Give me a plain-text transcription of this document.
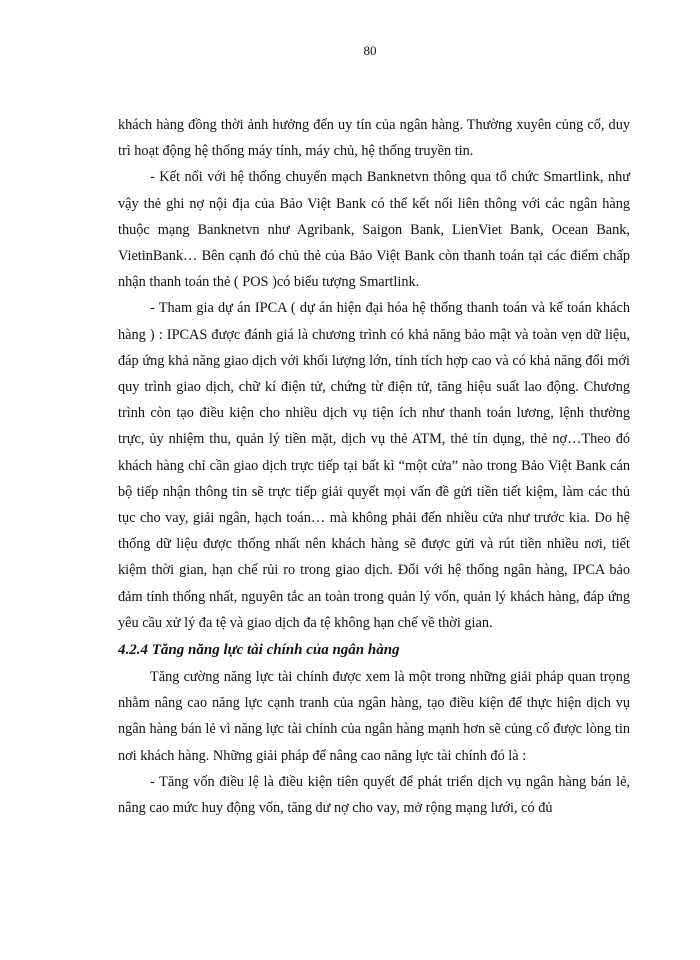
80

khách hàng đồng thời ảnh hưởng đến uy tín của ngân hàng. Thường xuyên củng cố, duy trì hoạt động hệ thống máy tính, máy chủ, hệ thống truyền tin.

- Kết nối với hệ thống chuyển mạch Banknetvn thông qua tổ chức Smartlink, như vậy thẻ ghi nợ nội địa của Bảo Việt Bank có thể kết nối liên thông với các ngân hàng thuộc mạng Banknetvn như Agribank, Saigon Bank, LienViet Bank, Ocean Bank, VietinBank… Bên cạnh đó chủ thẻ của Bảo Việt Bank còn thanh toán tại các điểm chấp nhận thanh toán thẻ ( POS )có biểu tượng Smartlink.

- Tham gia dự án IPCA ( dự án hiện đại hóa hệ thống thanh toán và kế toán khách hàng ) : IPCAS được đánh giá là chương trình có khả năng bảo mật và toàn vẹn dữ liệu, đáp ứng khả năng giao dịch với khối lượng lớn, tính tích hợp cao và có khả năng đổi mới quy trình giao dịch, chữ kí điện tử, chứng từ điện tử, tăng hiệu suất lao động. Chương trình còn tạo điều kiện cho nhiều dịch vụ tiện ích như thanh toán lương, lệnh thường trực, ủy nhiệm thu, quản lý tiền mặt, dịch vụ thẻ ATM, thẻ tín dụng, thẻ nợ…Theo đó khách hàng chỉ cần giao dịch trực tiếp tại bất kì “một cửa” nào trong Bảo Việt Bank cán bộ tiếp nhận thông tin sẽ trực tiếp giải quyết mọi vấn đề gửi tiền tiết kiệm, làm các thủ tục cho vay, giải ngân, hạch toán… mà không phải đến nhiều cửa như trước kia. Do hệ thống dữ liệu được thống nhất nên khách hàng sẽ được gửi và rút tiền nhiều nơi, tiết kiệm thời gian, hạn chế rủi ro trong giao dịch. Đối với hệ thống ngân hàng, IPCA bảo đảm tính thống nhất, nguyên tắc an toàn trong quản lý vốn, quản lý khách hàng, đáp ứng yêu cầu xử lý đa tệ và giao dịch đa tệ không hạn chế về thời gian.

4.2.4 Tăng năng lực tài chính của ngân hàng

Tăng cường năng lực tài chính được xem là một trong những giải pháp quan trọng nhằm nâng cao năng lực cạnh tranh của ngân hàng, tạo điều kiện để thực hiện dịch vụ ngân hàng bán lẻ vì năng lực tài chính của ngân hàng mạnh hơn sẽ củng cố được lòng tin nơi khách hàng. Những giải pháp để nâng cao năng lực tài chính đó là :

- Tăng vốn điều lệ là điều kiện tiên quyết để phát triển dịch vụ ngân hàng bán lẻ, nâng cao mức huy động vốn, tăng dư nợ cho vay, mở rộng mạng lưới, có đủ
